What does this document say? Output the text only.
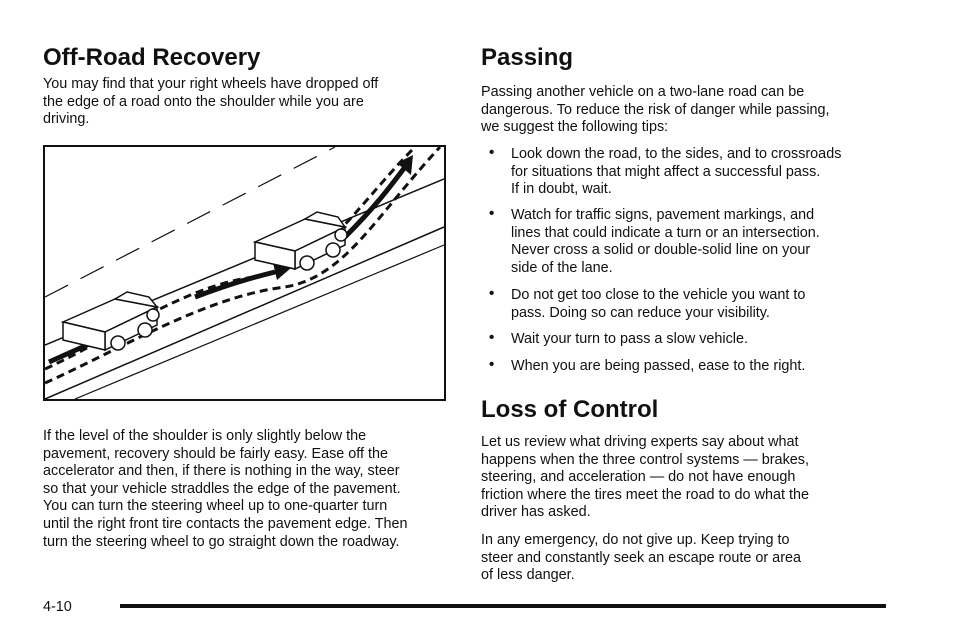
Off-Road Recovery

You may find that your right wheels have dropped off
the edge of a road onto the shoulder while you are
driving.

If the level of the shoulder is only slightly below the
pavement, recovery should be fairly easy. Ease off the
accelerator and then, if there is nothing in the way, steer
so that your vehicle straddles the edge of the pavement.
You can turn the steering wheel up to one-quarter turn
until the right front tire contacts the pavement edge. Then
turn the steering wheel to go straight down the roadway.

Passing

Passing another vehicle on a two-lane road can be
dangerous. To reduce the risk of danger while passing,
we suggest the following tips:

• Look down the road, to the sides, and to crossroads
for situations that might affect a successful pass.
If in doubt, wait.
• Watch for traffic signs, pavement markings, and
lines that could indicate a turn or an intersection.
Never cross a solid or double-solid line on your
side of the lane.
• Do not get too close to the vehicle you want to
pass. Doing so can reduce your visibility.
• Wait your turn to pass a slow vehicle.
• When you are being passed, ease to the right.
Loss of Control

Let us review what driving experts say about what
happens when the three control systems — brakes,
steering, and acceleration — do not have enough
friction where the tires meet the road to do what the
driver has asked.

In any emergency, do not give up. Keep trying to
steer and constantly seek an escape route or area
of less danger.

4-10
